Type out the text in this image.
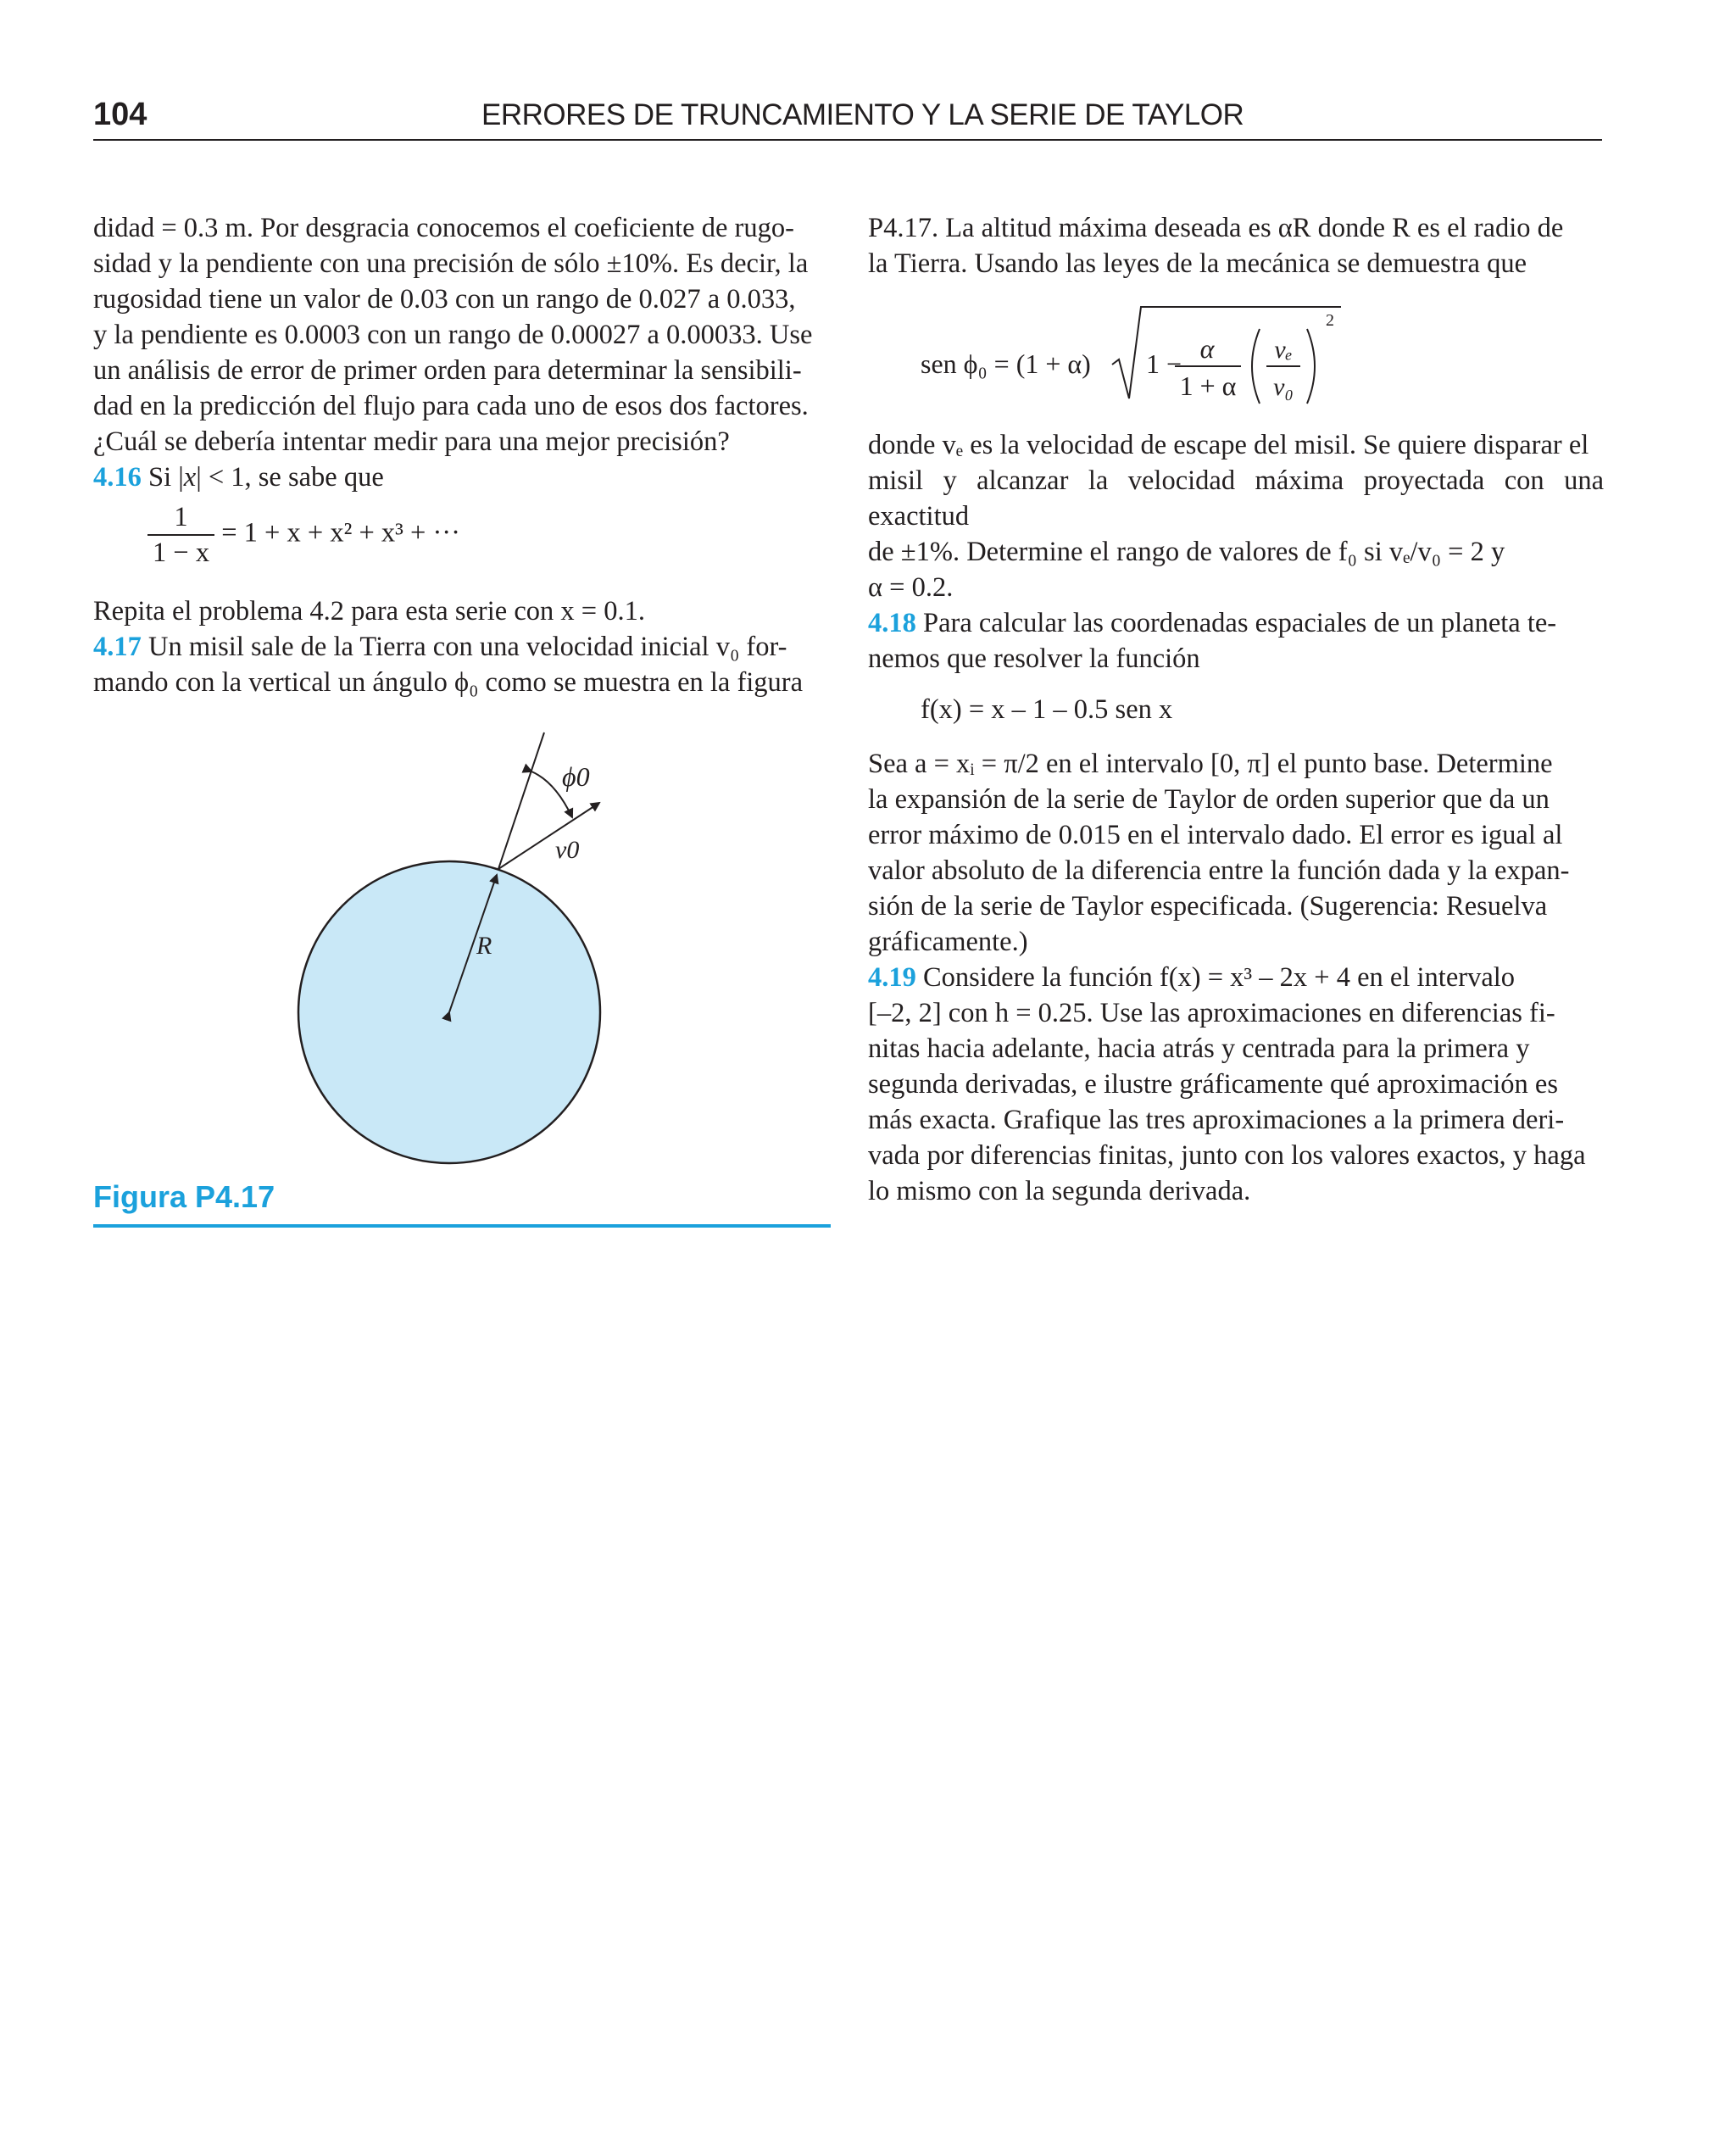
104	ERRORES DE TRUNCAMIENTO Y LA SERIE DE TAYLOR

didad = 0.3 m. Por desgracia conocemos el coeficiente de rugo-

sidad y la pendiente con una precisión de sólo ±10%. Es decir, la

rugosidad tiene un valor de 0.03 con un rango de 0.027 a 0.033,

y la pendiente es 0.0003 con un rango de 0.00027 a 0.00033. Use

un análisis de error de primer orden para determinar la sensibili-

dad en la predicción del flujo para cada uno de esos dos factores.

¿Cuál se debería intentar medir para una mejor precisión?

4.16 Si |x| < 1, se sabe que

$\frac{1}{1 - x} = 1 + x + x^2 + x^3$ + ···

Repita el problema 4.2 para esta serie con x = 0.1.

4.17 Un misil sale de la Tierra con una velocidad inicial v₀ for-

mando con la vertical un ángulo ϕ₀ como se muestra en la figura

ϕ0
v0
R
Figura P4.17

P4.17. La altitud máxima deseada es αR donde R es el radio de

la Tierra. Usando las leyes de la mecánica se demuestra que

sen ϕ₀ = (1 + α) 1 − α
1 + α
vₑ
v₀
2

donde vₑ es la velocidad de escape del misil. Se quiere disparar el

misil y alcanzar la velocidad máxima proyectada con una exactitud

de ±1%. Determine el rango de valores de f₀ si vₑ/v₀ = 2 y

α = 0.2.

4.18 Para calcular las coordenadas espaciales de un planeta te-

nemos que resolver la función

f(x) = x – 1 – 0.5 sen x

Sea a = xᵢ = π/2 en el intervalo [0, π] el punto base. Determine

la expansión de la serie de Taylor de orden superior que da un

error máximo de 0.015 en el intervalo dado. El error es igual al

valor absoluto de la diferencia entre la función dada y la expan-

sión de la serie de Taylor especificada. (Sugerencia: Resuelva

gráficamente.)

4.19 Considere la función f(x) = x³ – 2x + 4 en el intervalo

[–2, 2] con h = 0.25. Use las aproximaciones en diferencias fi-

nitas hacia adelante, hacia atrás y centrada para la primera y

segunda derivadas, e ilustre gráficamente qué aproximación es

más exacta. Grafique las tres aproximaciones a la primera deri-

vada por diferencias finitas, junto con los valores exactos, y haga

lo mismo con la segunda derivada.
